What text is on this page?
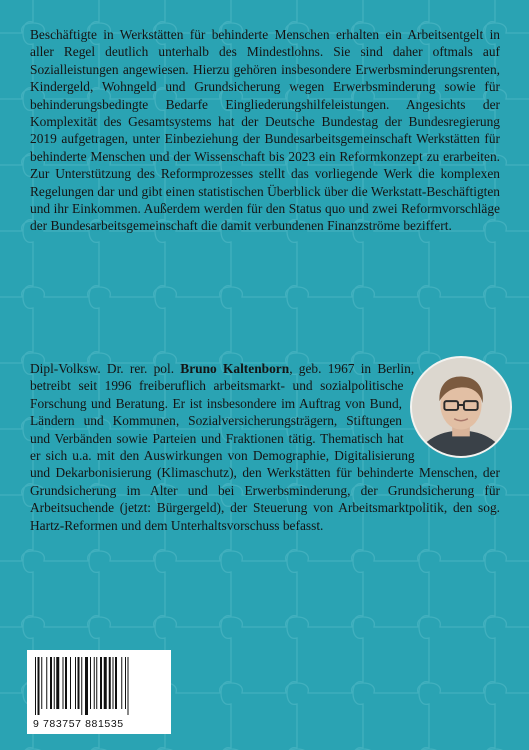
Beschäftigte in Werkstätten für behinderte Menschen erhalten ein Arbeitsentgelt in aller Regel deutlich unterhalb des Mindestlohns. Sie sind daher oftmals auf Sozialleistungen angewiesen. Hierzu gehören insbesondere Erwerbsminderungsrenten, Kindergeld, Wohngeld und Grundsicherung wegen Erwerbsminderung sowie für behinderungsbedingte Bedarfe Eingliederungshilfeleistungen. Angesichts der Komplexität des Gesamtsystems hat der Deutsche Bundestag der Bundesregierung 2019 aufgetragen, unter Einbeziehung der Bundesarbeitsgemeinschaft Werkstätten für behinderte Menschen und der Wissenschaft bis 2023 ein Reformkonzept zu erarbeiten. Zur Unterstützung des Reformprozesses stellt das vorliegende Werk die komplexen Regelungen dar und gibt einen statistischen Überblick über die Werkstatt-Beschäftigten und ihr Einkommen. Außerdem werden für den Status quo und zwei Reformvorschläge der Bundesarbeitsgemeinschaft die damit verbundenen Finanzströme beziffert.

Dipl-Volksw. Dr. rer. pol. Bruno Kaltenborn, geb. 1967 in Berlin, betreibt seit 1996 freiberuflich arbeitsmarkt- und sozialpolitische Forschung und Beratung. Er ist insbesondere im Auftrag von Bund, Ländern und Kommunen, Sozialversicherungsträgern, Stiftungen und Verbänden sowie Parteien und Fraktionen tätig. Thematisch hat er sich u.a. mit den Auswirkungen von Demographie, Digitalisierung und Dekarbonisierung (Klimaschutz), den Werkstätten für behinderte Menschen, der Grundsicherung im Alter und bei Erwerbsminderung, der Grundsicherung für Arbeitsuchende (jetzt: Bürgergeld), der Steuerung von Arbeitsmarktpolitik, den sog. Hartz-Reformen und dem Unterhaltsvorschuss befasst.

9 783757 881535
